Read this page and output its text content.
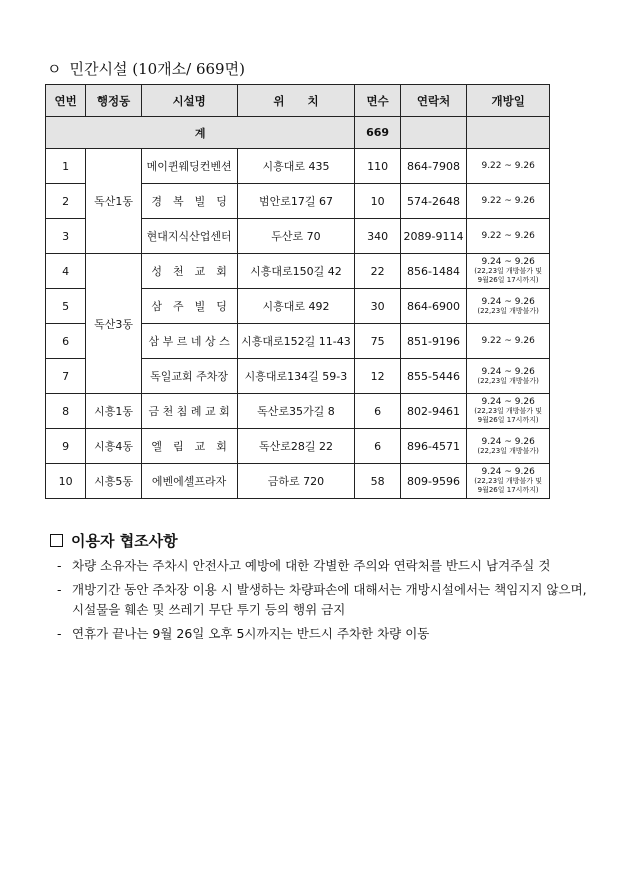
ㅇ 민간시설 (10개소/ 669면)
연번	행정동	시설명	위　　치	면수	연락처	개방일
계				669		
1	독산1동	메이퀸웨딩컨벤션	시흥대로 435	110	864-7908	9.22 ~ 9.26

2		경　복　빌　딩	범안로17길 67	10	574-2648	9.22 ~ 9.26

3		현대지식산업센터	두산로 70	340	2089-9114	9.22 ~ 9.26

4	독산3동	성　천　교　회	시흥대로150길 42	22	856-1484	9.24 ~ 9.26
(22,23일 개방불가 및
9월26일 17시까지)

5		삼　주　빌　딩	시흥대로 492	30	864-6900	9.24 ~ 9.26
(22,23일 개방불가)

6		삼 부 르 네 상 스	시흥대로152길 11-43	75	851-9196	9.22 ~ 9.26

7		독일교회 주차장	시흥대로134길 59-3	12	855-5446	9.24 ~ 9.26
(22,23일 개방불가)

8	시흥1동	금 천 침 례 교 회	독산로35가길 8	6	802-9461	9.24 ~ 9.26
(22,23일 개방불가 및
9월26일 17시까지)

9	시흥4동	엘　림　교　회	독산로28길 22	6	896-4571	9.24 ~ 9.26
(22,23일 개방불가)

10	시흥5동	에벤에셀프라자	금하로 720	58	809-9596	9.24 ~ 9.26
(22,23일 개방불가 및
9월26일 17시까지)
이용자 협조사항
- 차량 소유자는 주차시 안전사고 예방에 대한 각별한 주의와 연락처를 반드시 남겨주실 것
- 개방기간 동안 주차장 이용 시 발생하는 차량파손에 대해서는 개방시설에서는 책임지지 않으며, 시설물을 훼손 및 쓰레기 무단 투기 등의 행위 금지
- 연휴가 끝나는 9월 26일 오후 5시까지는 반드시 주차한 차량 이동
